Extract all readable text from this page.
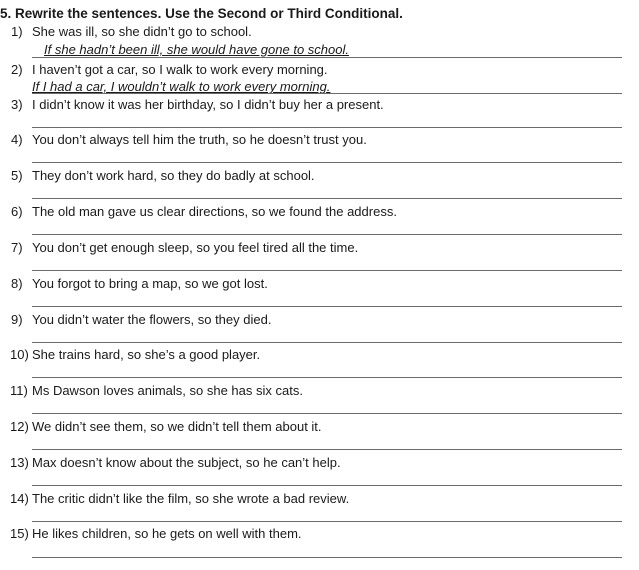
5. Rewrite the sentences. Use the Second or Third Conditional.
1) She was ill, so she didn’t go to school.
If she hadn’t been ill, she would have gone to school.
2) I haven’t got a car, so I walk to work every morning.
If I had a car, I wouldn’t walk to work every morning.
3) I didn’t know it was her birthday, so I didn’t buy her a present.
4) You don’t always tell him the truth, so he doesn’t trust you.
5) They don’t work hard, so they do badly at school.
6) The old man gave us clear directions, so we found the address.
7) You don’t get enough sleep, so you feel tired all the time.
8) You forgot to bring a map, so we got lost.
9) You didn’t water the flowers, so they died.
10) She trains hard, so she’s a good player.
11) Ms Dawson loves animals, so she has six cats.
12) We didn’t see them, so we didn’t tell them about it.
13) Max doesn’t know about the subject, so he can’t help.
14) The critic didn’t like the film, so she wrote a bad review.
15) He likes children, so he gets on well with them.
